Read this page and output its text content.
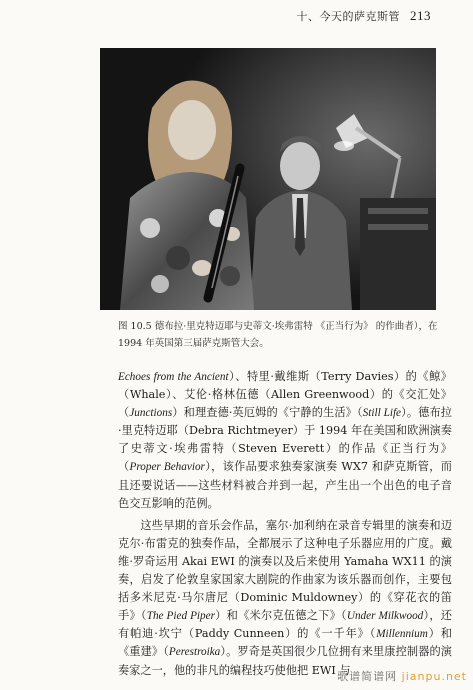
十、今天的萨克斯管 213
图 10.5 德布拉·里克特迈耶与史蒂文·埃弗雷特 《正当行为》 的作曲者），在
1994 年英国第三届萨克斯管大会。

Echoes from the Ancient）、特里·戴维斯（Terry Davies）的《鲸》（Whale）、艾伦·格林伍德（Allen Greenwood）的《交汇处》（Junctions）和理查德·英厄姆的《宁静的生活》（Still Life）。德布拉·里克特迈耶（Debra Richtmeyer）于 1994 年在美国和欧洲演奏了史蒂文·埃弗雷特（Steven Everett）的作品《正当行为》（Proper Behavior），该作品要求独奏家演奏 WX7 和萨克斯管，而且还要说话——这些材料被合并到一起，产生出一个出色的电子音色交互影响的范例。

这些早期的音乐会作品，塞尔·加利纳在录音专辑里的演奏和迈克尔·布雷克的独奏作品，全都展示了这种电子乐器应用的广度。戴维·罗奇运用 Akai EWI 的演奏以及后来使用 Yamaha WX11 的演奏，启发了伦敦皇家国家大剧院的作曲家为该乐器而创作，主要包括多米尼克·马尔唐尼（Dominic Muldowney）的《穿花衣的笛手》（The Pied Piper）和《米尔克伍德之下》（Under Milkwood），还有帕迪·坎宁（Paddy Cunneen）的《一千年》（Millennium）和《重建》（Perestroika）。罗奇是英国很少几位拥有来里康控制器的演奏家之一，他的非凡的编程技巧使他把 EWI 与

歌谱简谱网 jianpu.net
